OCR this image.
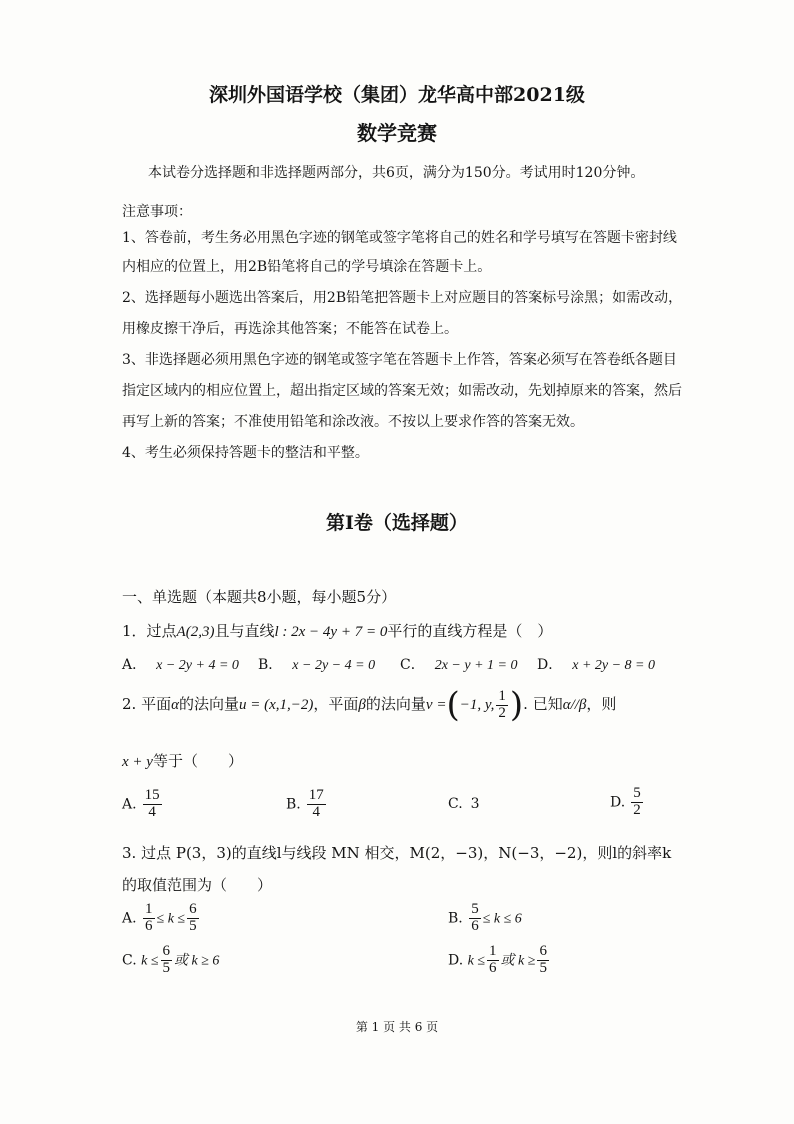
深圳外国语学校（集团）龙华高中部2021级
数学竞赛
本试卷分选择题和非选择题两部分，共6页，满分为150分。考试用时120分钟。
注意事项：
1、答卷前，考生务必用黑色字迹的钢笔或签字笔将自己的姓名和学号填写在答题卡密封线
内相应的位置上，用2B铅笔将自己的学号填涂在答题卡上。
2、选择题每小题选出答案后，用2B铅笔把答题卡上对应题目的答案标号涂黑；如需改动，
用橡皮擦干净后，再选涂其他答案；不能答在试卷上。
3、非选择题必须用黑色字迹的钢笔或签字笔在答题卡上作答，答案必须写在答卷纸各题目
指定区域内的相应位置上，超出指定区域的答案无效；如需改动，先划掉原来的答案，然后
再写上新的答案；不准使用铅笔和涂改液。不按以上要求作答的答案无效。
4、考生必须保持答题卡的整洁和平整。
第I卷（选择题）
一、单选题（本题共8小题，每小题5分）
1．过点A(2,3)且与直线l : 2x − 4y + 7 = 0平行的直线方程是（　）
A． x − 2y + 4 = 0 B． x − 2y − 4 = 0 C． 2x − y + 1 = 0 D． x + 2y − 8 = 0
2. 平面α的法向量u = (x,1,−2)，平面β的法向量v =(−1, y, $\frac{1}{2}$ ). 已知α//β，则
x + y等于（　　）
A. $\frac{15}{4}$	B. $\frac{17}{4}$	C. 3	D. $\frac{5}{2}$
3. 过点 P(3，3)的直线l与线段 MN 相交，M(2，−3)，N(−3，−2)，则l的斜率k
的取值范围为（　　）
A. $\frac{1}{6} \le k \le \frac{6}{5}$	B. $\frac{5}{6} \le k \le 6$
C. $k \le \frac{6}{5}$ 或 k ≥ 6	D. $k \le \frac{1}{6}$ 或 $k \ge \frac{6}{5}$
第 1 页 共 6 页
